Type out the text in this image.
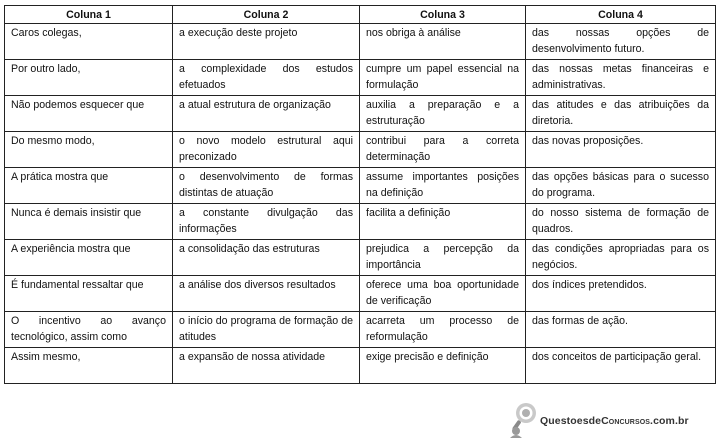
Coluna 1	Coluna 2	Coluna 3	Coluna 4
Caros colegas,	a execução deste projeto	nos obriga à análise	das nossas opções de desenvolvimento futuro.
Por outro lado,	a complexidade dos estudos efetuados	cumpre um papel essencial na formulação	das nossas metas financeiras e administrativas.
Não podemos esquecer que	a atual estrutura de organização	auxilia a preparação e a estruturação	das atitudes e das atribuições da diretoria.
Do mesmo modo,	o novo modelo estrutural aqui preconizado	contribui para a correta determinação	das novas proposições.
A prática mostra que	o desenvolvimento de formas distintas de atuação	assume importantes posições na definição	das opções básicas para o sucesso do programa.
Nunca é demais insistir que	a constante divulgação das informações	facilita a definição	do nosso sistema de formação de quadros.
A experiência mostra que	a consolidação das estruturas	prejudica a percepção da importância	das condições apropriadas para os negócios.
É fundamental ressaltar que	a análise dos diversos resultados	oferece uma boa oportunidade de verificação	dos índices pretendidos.
O incentivo ao avanço tecnológico, assim como	o início do programa de formação de atitudes	acarreta um processo de reformulação	das formas de ação.
Assim mesmo,	a expansão de nossa atividade	exige precisão e definição	dos conceitos de participação geral.
QuestoesdeConcursos.com.br
